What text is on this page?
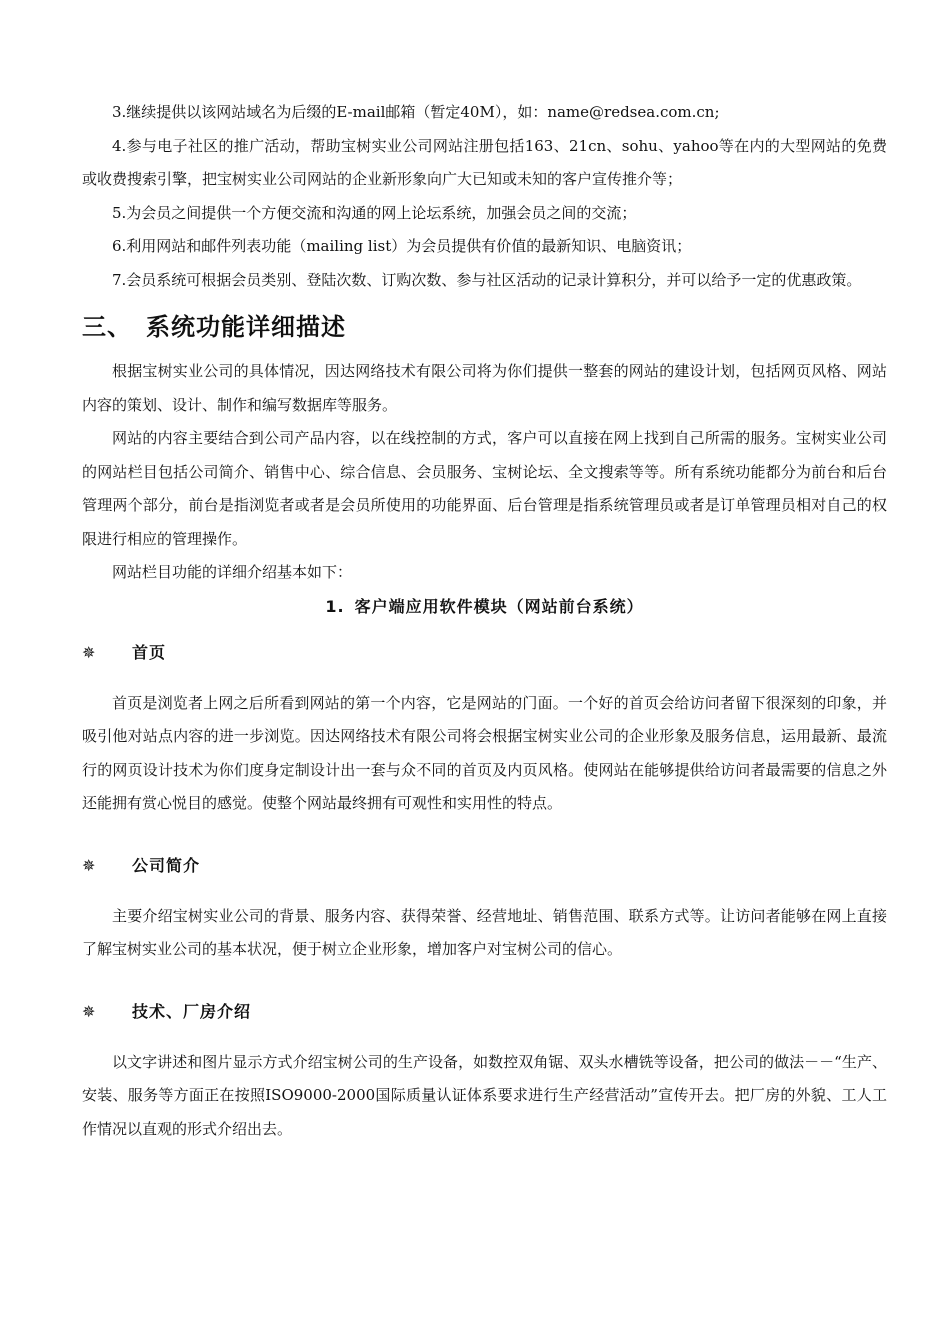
3.继续提供以该网站域名为后缀的E-mail邮箱（暂定40M），如：name@redsea.com.cn;

4.参与电子社区的推广活动，帮助宝树实业公司网站注册包括163、21cn、sohu、yahoo等在内的大型网站的免费或收费搜索引擎，把宝树实业公司网站的企业新形象向广大已知或未知的客户宣传推介等；

5.为会员之间提供一个方便交流和沟通的网上论坛系统，加强会员之间的交流；

6.利用网站和邮件列表功能（mailing list）为会员提供有价值的最新知识、电脑资讯；

7.会员系统可根据会员类别、登陆次数、订购次数、参与社区活动的记录计算积分，并可以给予一定的优惠政策。

三、 系统功能详细描述

根据宝树实业公司的具体情况，因达网络技术有限公司将为你们提供一整套的网站的建设计划，包括网页风格、网站内容的策划、设计、制作和编写数据库等服务。

网站的内容主要结合到公司产品内容，以在线控制的方式，客户可以直接在网上找到自己所需的服务。宝树实业公司的网站栏目包括公司简介、销售中心、综合信息、会员服务、宝树论坛、全文搜索等等。所有系统功能都分为前台和后台管理两个部分，前台是指浏览者或者是会员所使用的功能界面、后台管理是指系统管理员或者是订单管理员相对自己的权限进行相应的管理操作。

网站栏目功能的详细介绍基本如下：

1. 客户端应用软件模块（网站前台系统）
✵ 首页

首页是浏览者上网之后所看到网站的第一个内容，它是网站的门面。一个好的首页会给访问者留下很深刻的印象，并吸引他对站点内容的进一步浏览。因达网络技术有限公司将会根据宝树实业公司的企业形象及服务信息，运用最新、最流行的网页设计技术为你们度身定制设计出一套与众不同的首页及内页风格。使网站在能够提供给访问者最需要的信息之外还能拥有赏心悦目的感觉。使整个网站最终拥有可观性和实用性的特点。

✵ 公司简介

主要介绍宝树实业公司的背景、服务内容、获得荣誉、经营地址、销售范围、联系方式等。让访问者能够在网上直接了解宝树实业公司的基本状况，便于树立企业形象，增加客户对宝树公司的信心。

✵ 技术、厂房介绍

以文字讲述和图片显示方式介绍宝树公司的生产设备，如数控双角锯、双头水槽铣等设备，把公司的做法－－“生产、安装、服务等方面正在按照ISO9000-2000国际质量认证体系要求进行生产经营活动”宣传开去。把厂房的外貌、工人工作情况以直观的形式介绍出去。
